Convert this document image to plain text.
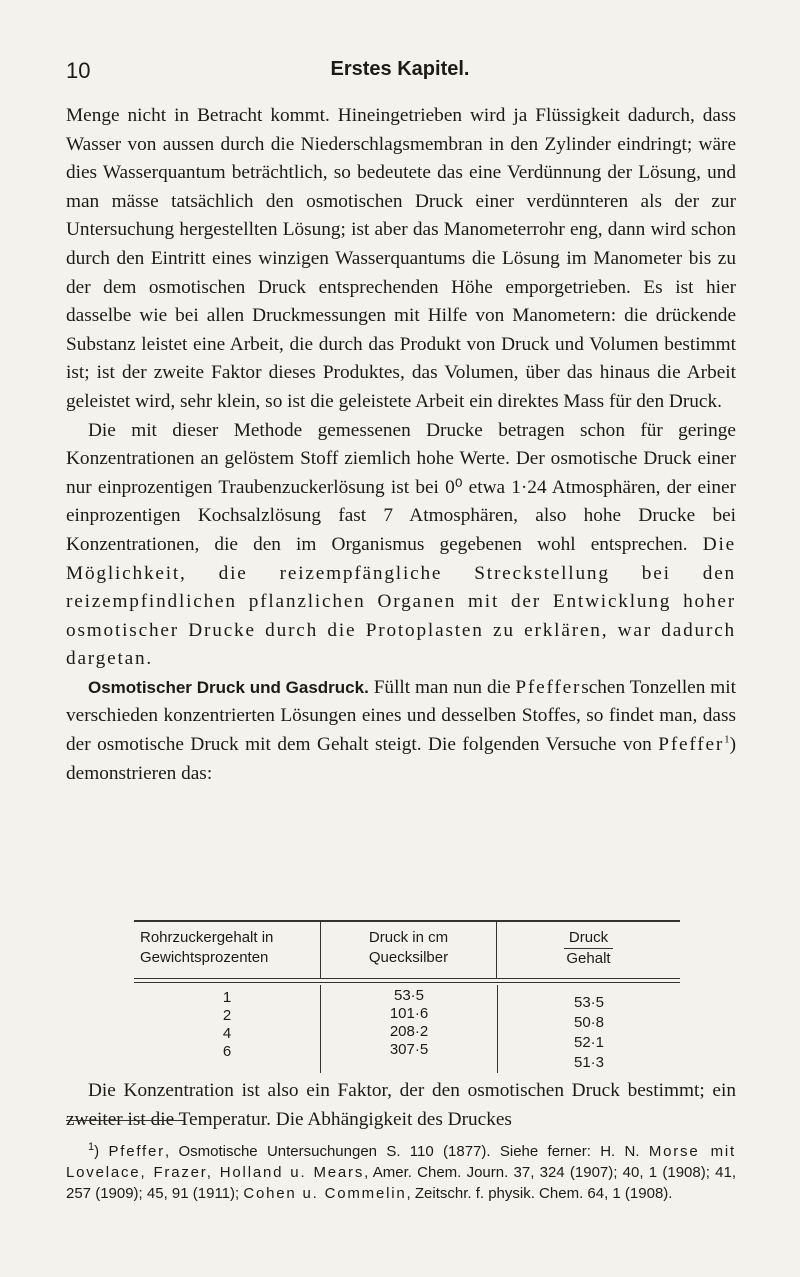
10	Erstes Kapitel.

Menge nicht in Betracht kommt. Hineingetrieben wird ja Flüssigkeit dadurch, dass Wasser von aussen durch die Niederschlagsmembran in den Zylinder eindringt; wäre dies Wasserquantum beträchtlich, so bedeutete das eine Verdünnung der Lösung, und man mässe tatsächlich den osmotischen Druck einer verdünnteren als der zur Untersuchung hergestellten Lösung; ist aber das Manometerrohr eng, dann wird schon durch den Eintritt eines winzigen Wasserquantums die Lösung im Manometer bis zu der dem osmotischen Druck entsprechenden Höhe emporgetrieben. Es ist hier dasselbe wie bei allen Druckmessungen mit Hilfe von Manometern: die drückende Substanz leistet eine Arbeit, die durch das Produkt von Druck und Volumen bestimmt ist; ist der zweite Faktor dieses Produktes, das Volumen, über das hinaus die Arbeit geleistet wird, sehr klein, so ist die geleistete Arbeit ein direktes Mass für den Druck.

Die mit dieser Methode gemessenen Drucke betragen schon für geringe Konzentrationen an gelöstem Stoff ziemlich hohe Werte. Der osmotische Druck einer nur einprozentigen Traubenzuckerlösung ist bei 0⁰ etwa 1·24 Atmosphären, der einer einprozentigen Kochsalzlösung fast 7 Atmosphären, also hohe Drucke bei Konzentrationen, die den im Organismus gegebenen wohl entsprechen. Die Möglichkeit, die reizempfängliche Streckstellung bei den reizempfindlichen pflanzlichen Organen mit der Entwicklung hoher osmotischer Drucke durch die Protoplasten zu erklären, war dadurch dargetan.

Osmotischer Druck und Gasdruck. Füllt man nun die Pfefferschen Tonzellen mit verschieden konzentrierten Lösungen eines und desselben Stoffes, so findet man, dass der osmotische Druck mit dem Gehalt steigt. Die folgenden Versuche von Pfeffer$^1$) demonstrieren das:

Rohrzuckergehalt in
Gewichtsprozenten
Druck in cm
Quecksilber	$\frac{\text{Druck}}{\text{Gehalt}}$
1
2
4
6
53·5
101·6
208·2
307·5
53·5
50·8
52·1
51·3

Die Konzentration ist also ein Faktor, der den osmotischen Druck bestimmt; ein zweiter ist die Temperatur. Die Abhängigkeit des Druckes

$^1$) Pfeffer, Osmotische Untersuchungen S. 110 (1877). Siehe ferner: H. N. Morse mit Lovelace, Frazer, Holland u. Mears, Amer. Chem. Journ. 37, 324 (1907); 40, 1 (1908); 41, 257 (1909); 45, 91 (1911); Cohen u. Commelin, Zeitschr. f. physik. Chem. 64, 1 (1908).
